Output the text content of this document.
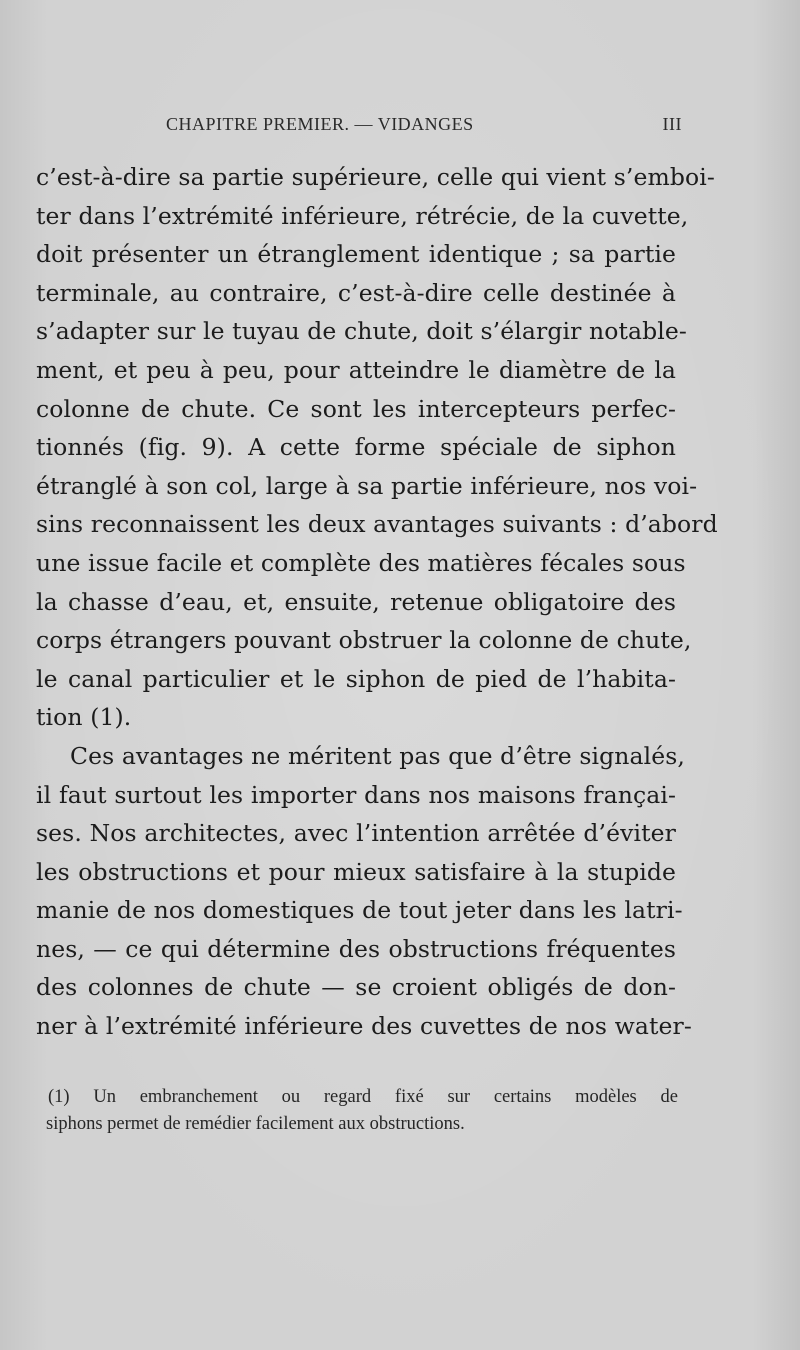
CHAPITRE PREMIER. — VIDANGES	III
c’est-à-dire sa partie supérieure, celle qui vient s’emboi-
ter dans l’extrémité inférieure, rétrécie, de la cuvette,
doit présenter un étranglement identique ; sa partie
terminale, au contraire, c’est-à-dire celle destinée à
s’adapter sur le tuyau de chute, doit s’élargir notable-
ment, et peu à peu, pour atteindre le diamètre de la
colonne de chute. Ce sont les intercepteurs perfec-
tionnés (fig. 9). A cette forme spéciale de siphon
étranglé à son col, large à sa partie inférieure, nos voi-
sins reconnaissent les deux avantages suivants : d’abord
une issue facile et complète des matières fécales sous
la chasse d’eau, et, ensuite, retenue obligatoire des
corps étrangers pouvant obstruer la colonne de chute,
le canal particulier et le siphon de pied de l’habita-
tion (1).
Ces avantages ne méritent pas que d’être signalés,
il faut surtout les importer dans nos maisons françai-
ses. Nos architectes, avec l’intention arrêtée d’éviter
les obstructions et pour mieux satisfaire à la stupide
manie de nos domestiques de tout jeter dans les latri-
nes, — ce qui détermine des obstructions fréquentes
des colonnes de chute — se croient obligés de don-
ner à l’extrémité inférieure des cuvettes de nos water-
(1) Un embranchement ou regard fixé sur certains modèles de
siphons permet de remédier facilement aux obstructions.
